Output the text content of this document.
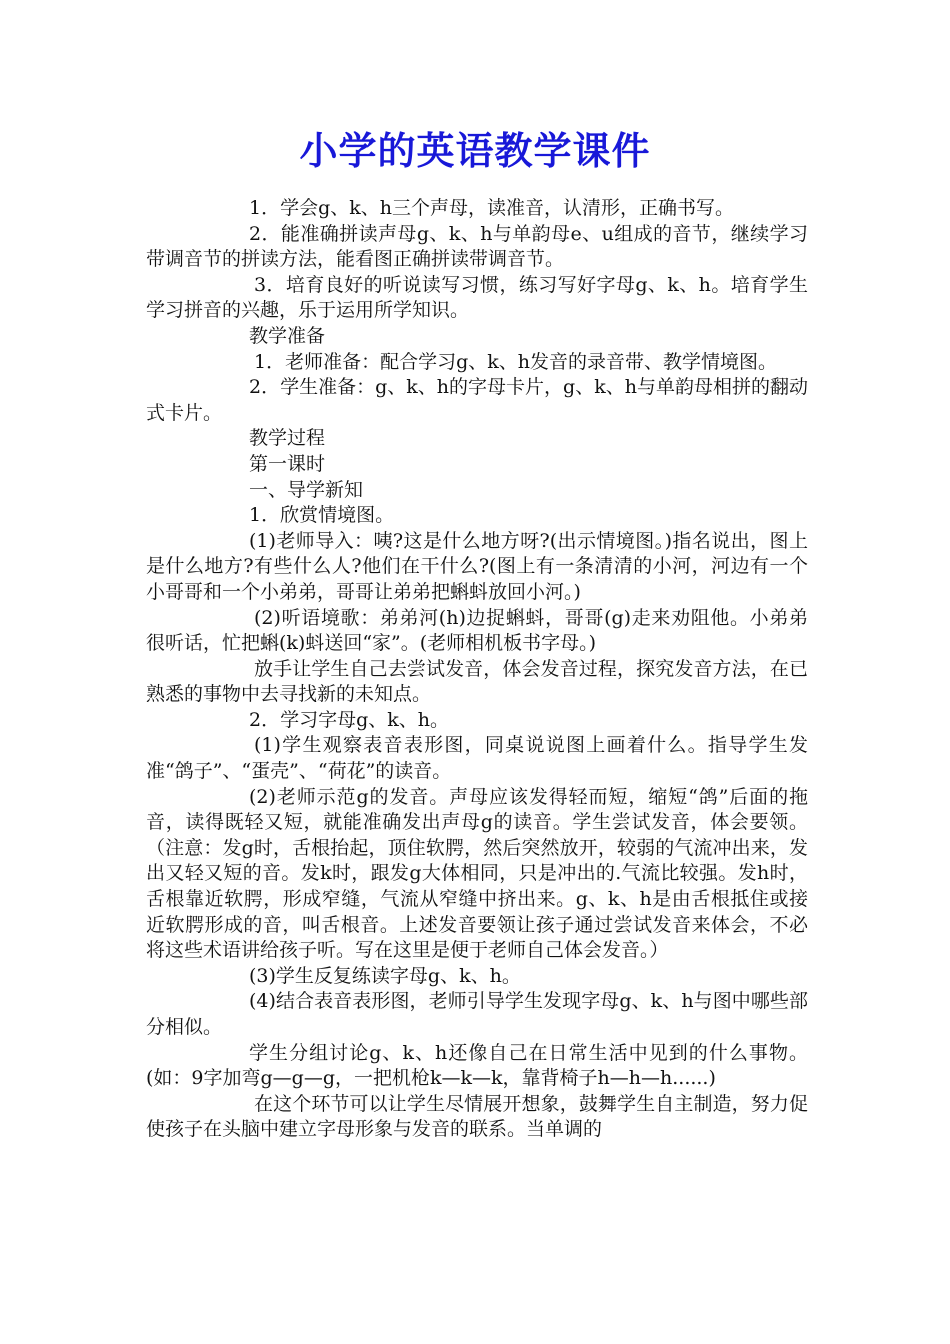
小学的英语教学课件

1．学会g、k、h三个声母，读准音，认清形，正确书写。

2．能准确拼读声母g、k、h与单韵母e、u组成的音节，继续学习带调音节的拼读方法，能看图正确拼读带调音节。

3．培育良好的听说读写习惯，练习写好字母g、k、h。培育学生学习拼音的兴趣，乐于运用所学知识。

教学准备

1．老师准备：配合学习g、k、h发音的录音带、教学情境图。

2．学生准备：g、k、h的字母卡片，g、k、h与单韵母相拼的翻动式卡片。

教学过程

第一课时

一、导学新知

1．欣赏情境图。

(1)老师导入：咦?这是什么地方呀?(出示情境图。)指名说出，图上是什么地方?有些什么人?他们在干什么?(图上有一条清清的小河，河边有一个小哥哥和一个小弟弟，哥哥让弟弟把蝌蚪放回小河。)

(2)听语境歌：弟弟河(h)边捉蝌蚪，哥哥(g)走来劝阻他。小弟弟很听话，忙把蝌(k)蚪送回“家”。(老师相机板书字母。)

放手让学生自己去尝试发音，体会发音过程，探究发音方法，在已熟悉的事物中去寻找新的未知点。

2．学习字母g、k、h。

(1)学生观察表音表形图，同桌说说图上画着什么。指导学生发准“鸽子”、“蛋壳”、“荷花”的读音。

(2)老师示范g的发音。声母应该发得轻而短，缩短“鸽”后面的拖音，读得既轻又短，就能准确发出声母g的读音。学生尝试发音，体会要领。（注意：发g时，舌根抬起，顶住软腭，然后突然放开，较弱的气流冲出来，发出又轻又短的音。发k时，跟发g大体相同，只是冲出的.气流比较强。发h时，舌根靠近软腭，形成窄缝，气流从窄缝中挤出来。g、k、h是由舌根抵住或接近软腭形成的音，叫舌根音。上述发音要领让孩子通过尝试发音来体会，不必将这些术语讲给孩子听。写在这里是便于老师自己体会发音。）

(3)学生反复练读字母g、k、h。

(4)结合表音表形图，老师引导学生发现字母g、k、h与图中哪些部分相似。

学生分组讨论g、k、h还像自己在日常生活中见到的什么事物。(如：9字加弯g—g—g，一把机枪k—k—k，靠背椅子h—h—h......)

在这个环节可以让学生尽情展开想象，鼓舞学生自主制造，努力促使孩子在头脑中建立字母形象与发音的联系。当单调的
